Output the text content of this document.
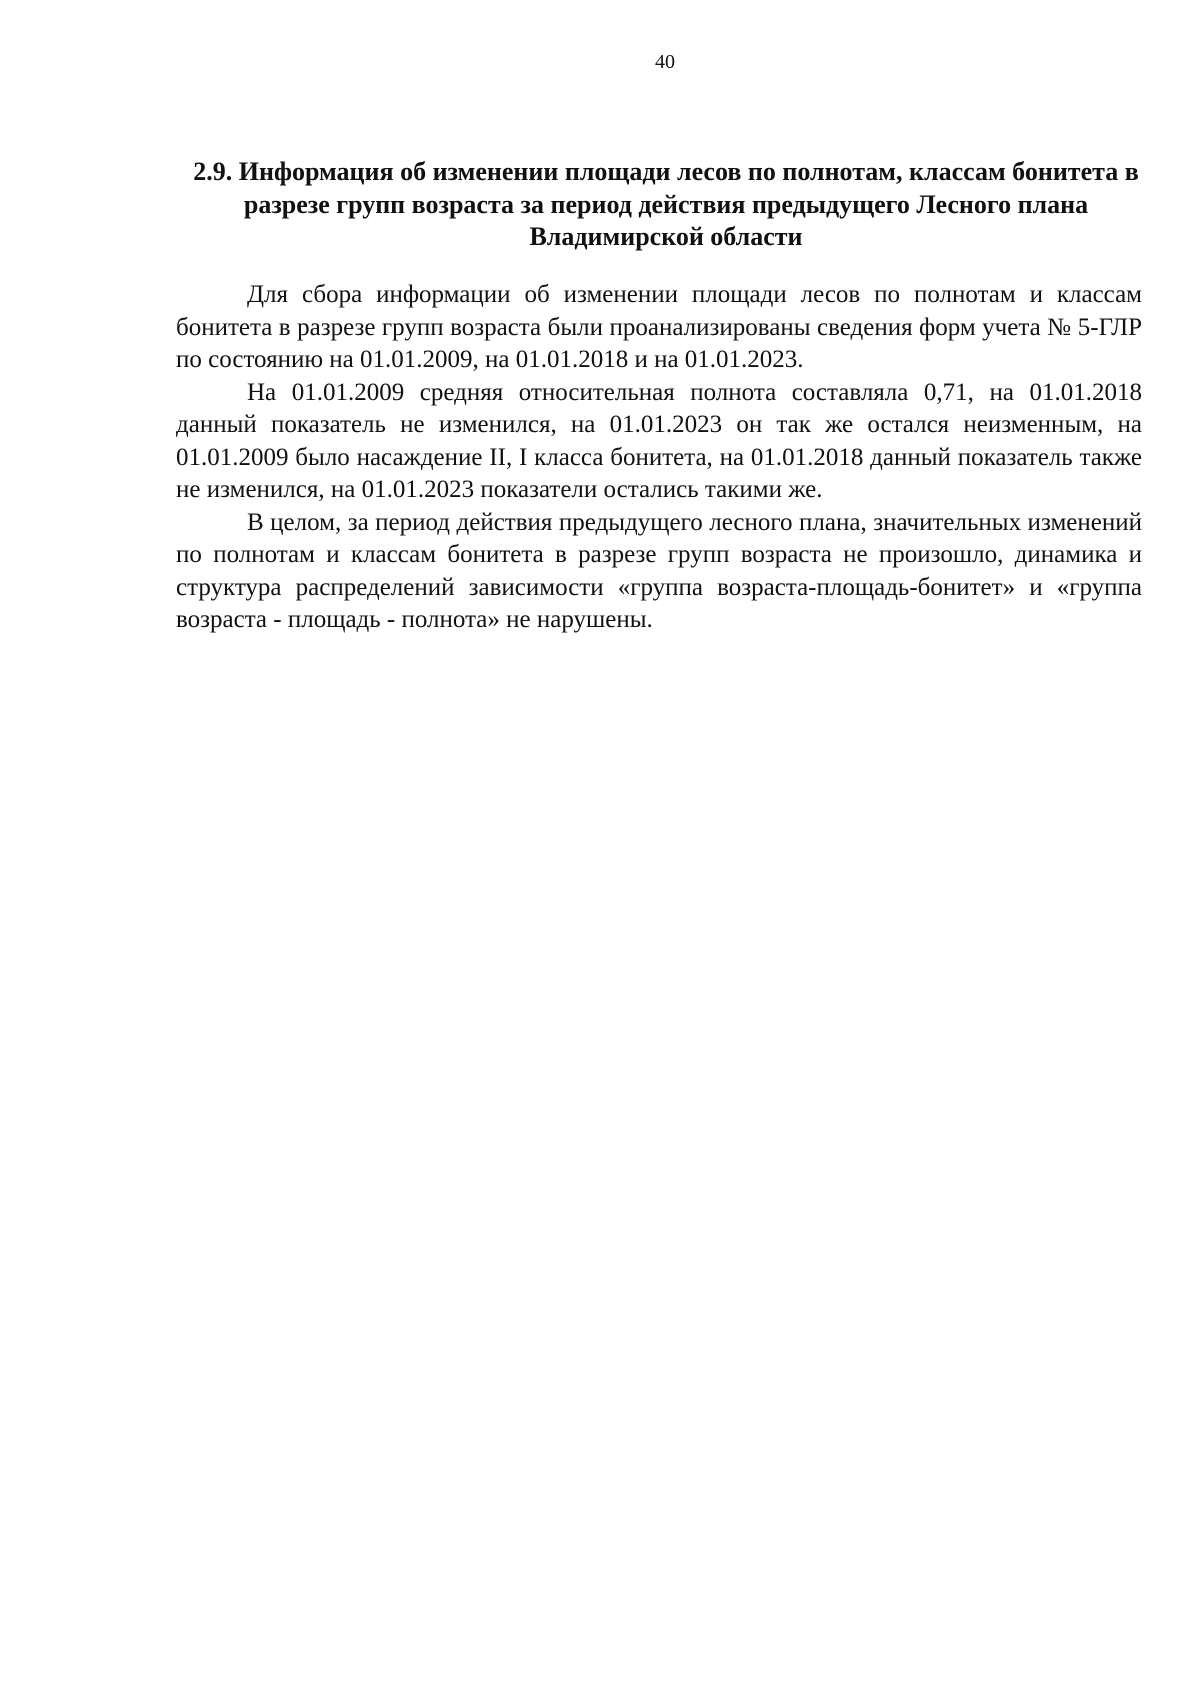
40
2.9. Информация об изменении площади лесов по полнотам, классам бонитета в разрезе групп возраста за период действия предыдущего Лесного плана Владимирской области

Для сбора информации об изменении площади лесов по полнотам и классам бонитета в разрезе групп возраста были проанализированы сведения форм учета № 5-ГЛР по состоянию на 01.01.2009, на 01.01.2018 и на 01.01.2023.

На 01.01.2009 средняя относительная полнота составляла 0,71, на 01.01.2018 данный показатель не изменился, на 01.01.2023 он так же остался неизменным, на 01.01.2009 было насаждение II, I класса бонитета, на 01.01.2018 данный показатель также не изменился, на 01.01.2023 показатели остались такими же.

В целом, за период действия предыдущего лесного плана, значительных изменений по полнотам и классам бонитета в разрезе групп возраста не произошло, динамика и структура распределений зависимости «группа возраста-площадь-бонитет» и «группа возраста - площадь - полнота» не нарушены.
